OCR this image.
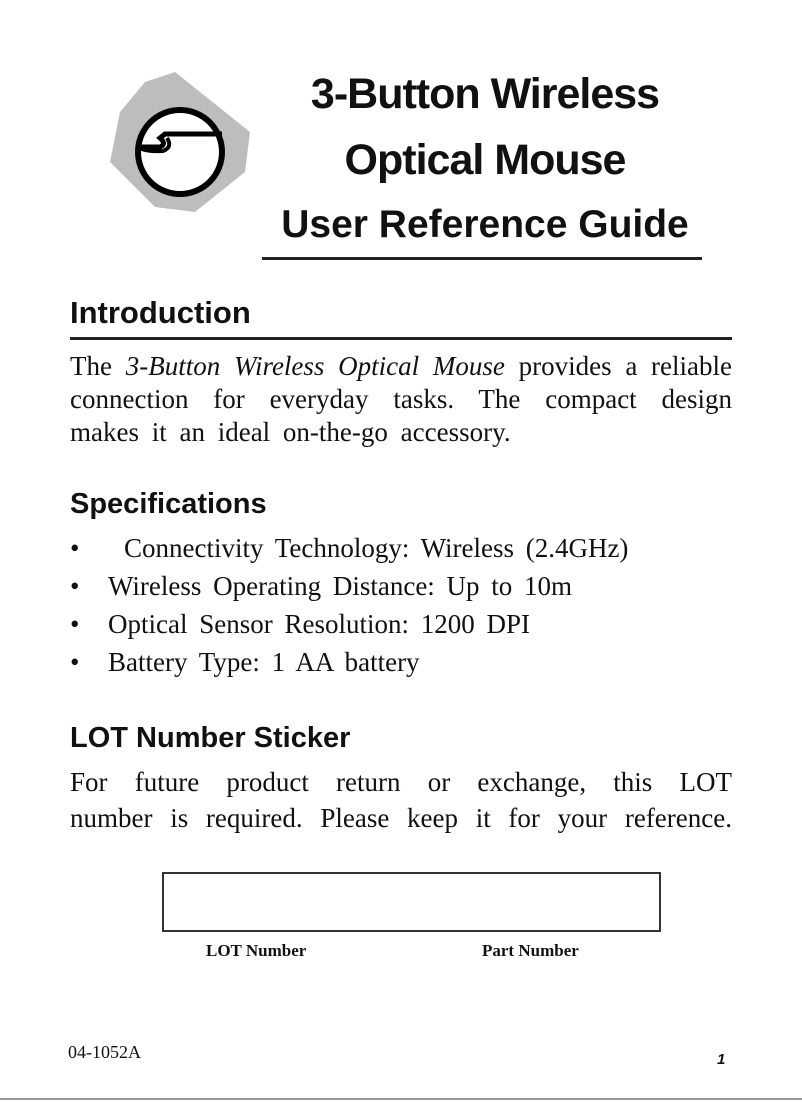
3-Button Wireless
Optical Mouse
User Reference Guide
Introduction
The 3-Button Wireless Optical Mouse provides a reliable
connection for everyday tasks. The compact design
makes it an ideal on-the-go accessory.
Specifications
• Connectivity Technology: Wireless (2.4GHz)
• Wireless Operating Distance: Up to 10m
• Optical Sensor Resolution: 1200 DPI
• Battery Type: 1 AA battery
LOT Number Sticker
For future product return or exchange, this LOT
number is required. Please keep it for your reference.
LOT Number	Part Number
04-1052A	1
